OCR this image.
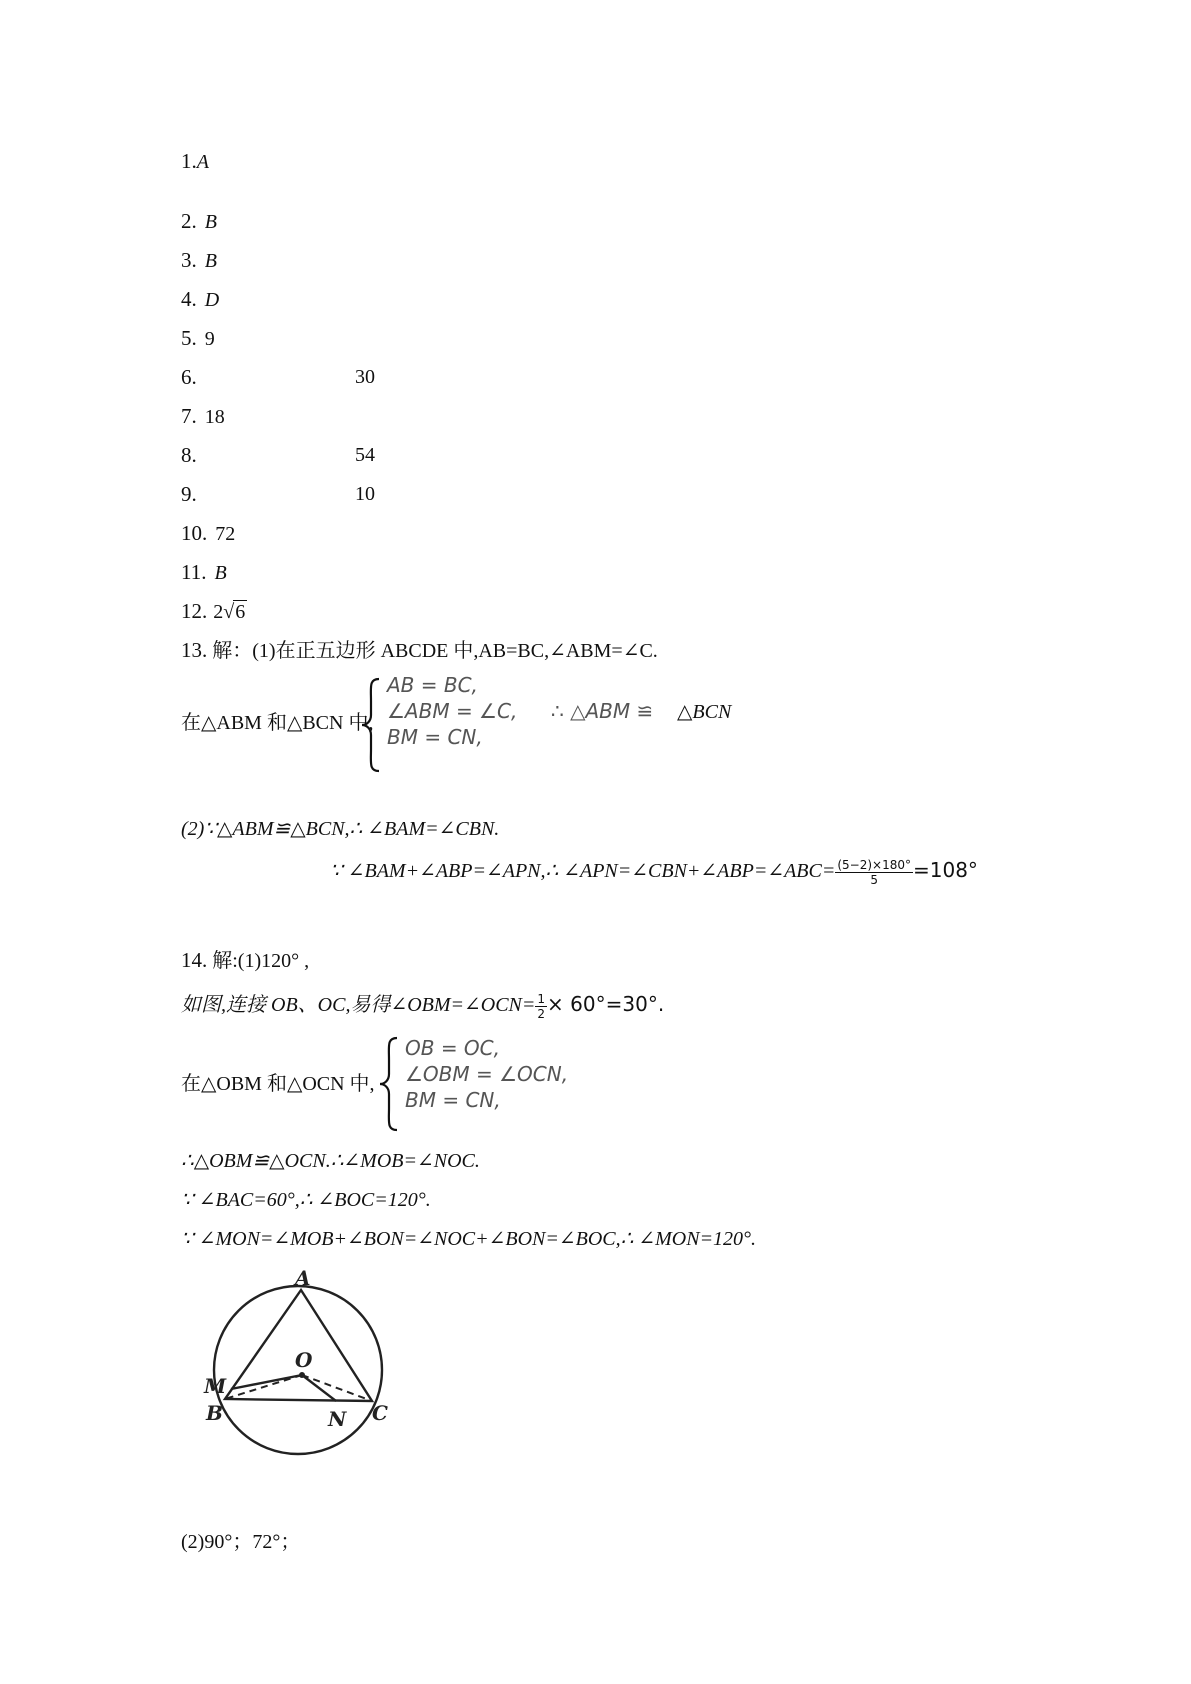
1.A
2. B
3. B
4. D
5. 9
6.	30
7. 18
8.	54
9.	10
10. 72
11. B
12. 2√6
13. 解：(1)在正五边形 ABCDE 中,AB=BC,∠ABM=∠C.
在△ABM 和△BCN 中,
AB = BC,
∠ABM = ∠C,
BM = CN,
∴ △ABM ≌ △BCN
(2)∵△ABM≌△BCN,∴ ∠BAM=∠CBN.
∵ ∠BAM+∠ABP=∠APN,∴ ∠APN=∠CBN+∠ABP=∠ABC= $\frac{(5-2)\times 180^\circ}{5} =108^\circ$
14. 解:(1)120° ,
如图,连接 OB、OC,易得∠OBM=∠OCN= $\frac{1}{2} \times 60^\circ=30^\circ$.
在△OBM 和△OCN 中,
OB = OC,
∠OBM = ∠OCN,
BM = CN,
∴△OBM≌△OCN.∴∠MOB=∠NOC.
∵ ∠BAC=60°,∴ ∠BOC=120°.
∵ ∠MON=∠MOB+∠BON=∠NOC+∠BON=∠BOC,∴ ∠MON=120°.
A
O
M
B	N C
(2)90°；72°；
